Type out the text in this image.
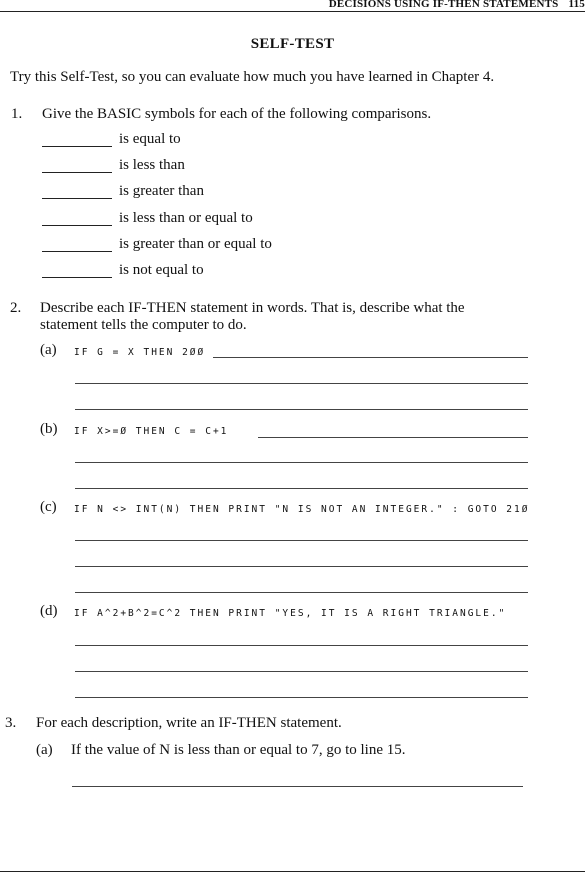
DECISIONS USING IF-THEN STATEMENTS 115
SELF-TEST
Try this Self-Test, so you can evaluate how much you have learned in Chapter 4.
1. Give the BASIC symbols for each of the following comparisons.
is equal to
is less than
is greater than
is less than or equal to
is greater than or equal to
is not equal to
2. Describe each IF-THEN statement in words. That is, describe what the
statement tells the computer to do.
(a) IF G = X THEN 2ØØ
(b) IF X>=Ø THEN C = C+1
(c) IF N <> INT(N) THEN PRINT "N IS NOT AN INTEGER." : GOTO 21Ø
(d) IF A^2+B^2=C^2 THEN PRINT "YES, IT IS A RIGHT TRIANGLE."
3. For each description, write an IF-THEN statement.
(a) If the value of N is less than or equal to 7, go to line 15.
